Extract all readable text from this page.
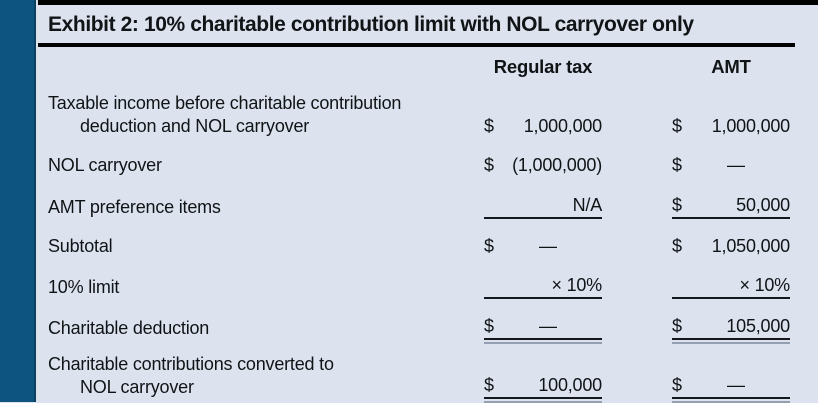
Exhibit 2: 10% charitable contribution limit with NOL carryover only
Regular tax	AMT
Taxable income before charitable contribution
deduction and NOL carryover	$	1,000,000	$	1,000,000
NOL carryover	$	(1,000,000)	$	—
AMT preference items	N/A	$	50,000
Subtotal	$	—	$	1,050,000
10% limit	× 10%	× 10%
Charitable deduction	$	—	$	105,000
Charitable contributions converted to
NOL carryover	$	100,000	$	—
